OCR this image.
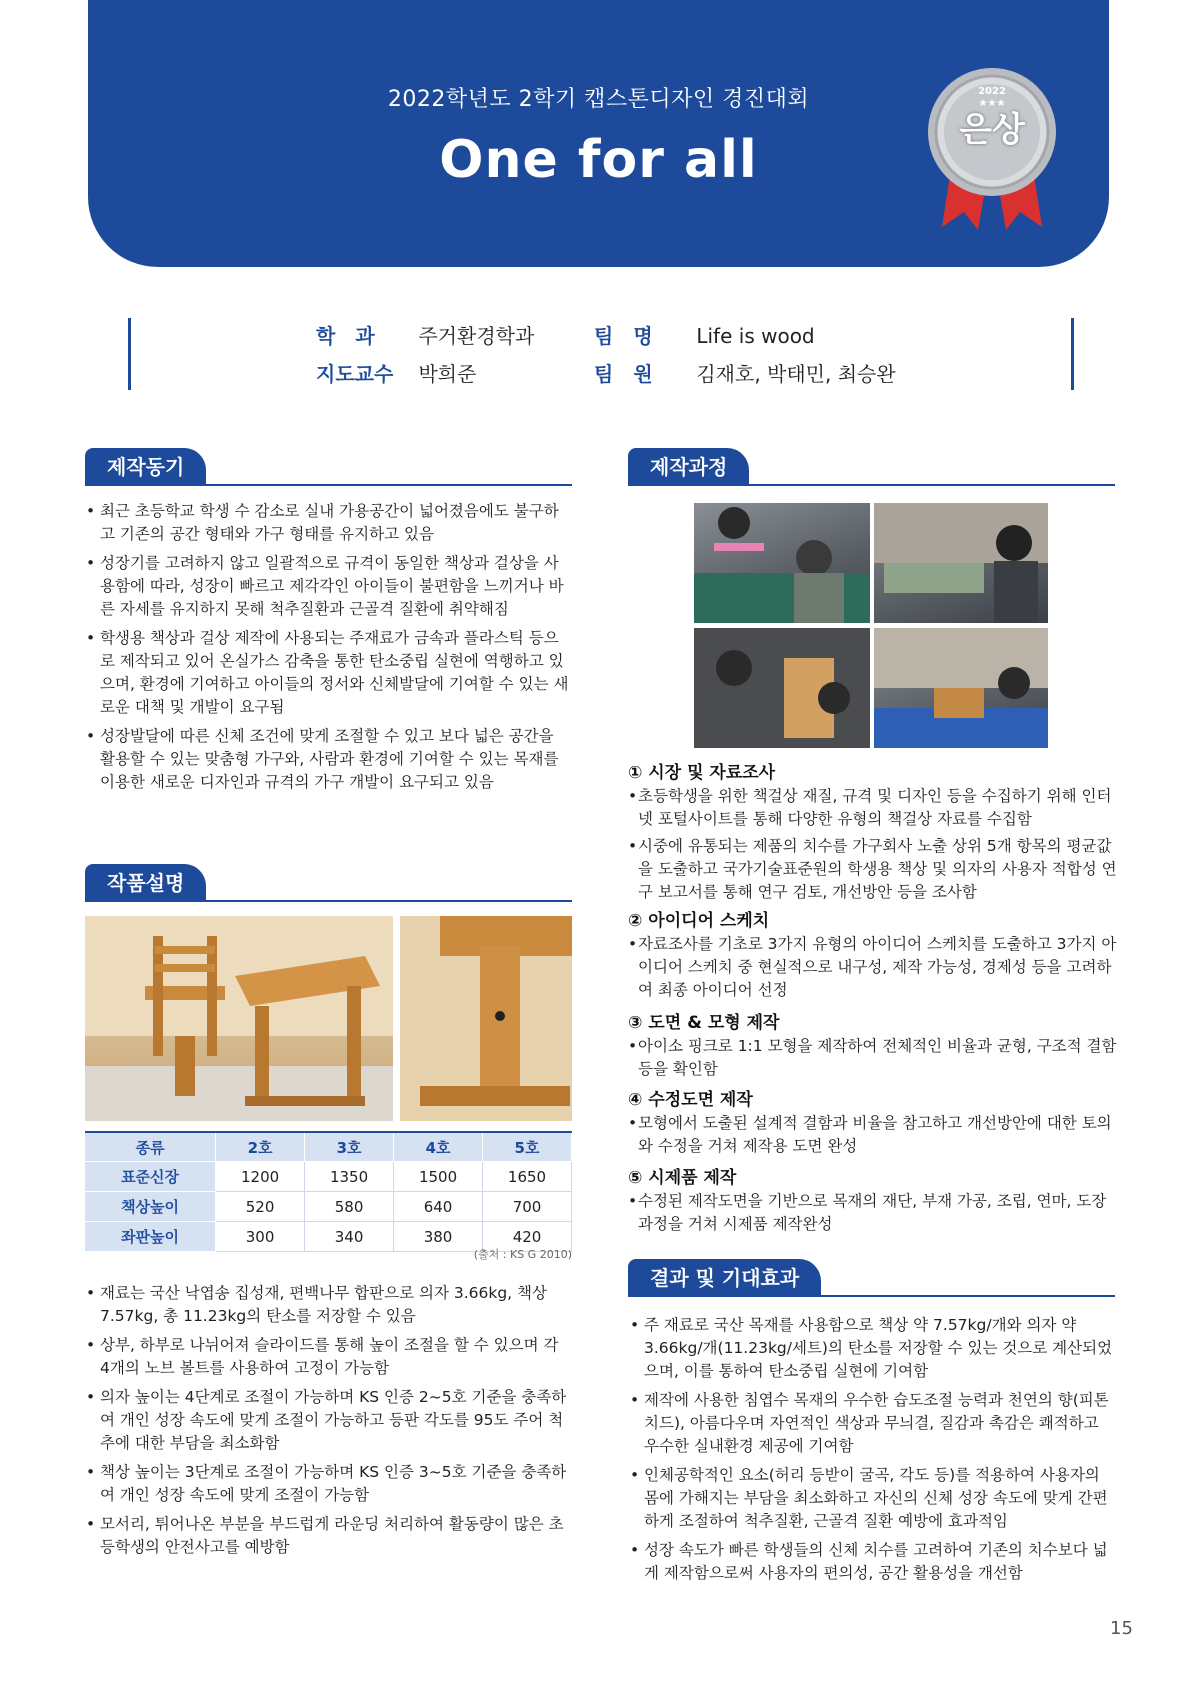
2022학년도 2학기 캡스톤디자인 경진대회
One for all
★★★
2022
은상
학　과 주거환경학과	팀　명 Life is wood
지도교수 박희준	팀　원 김재호, 박태민, 최승완
제작동기
• 최근 초등학교 학생 수 감소로 실내 가용공간이 넓어졌음에도 불구하고 기존의 공간 형태와 가구 형태를 유지하고 있음
• 성장기를 고려하지 않고 일괄적으로 규격이 동일한 책상과 걸상을 사용함에 따라, 성장이 빠르고 제각각인 아이들이 불편함을 느끼거나 바른 자세를 유지하지 못해 척추질환과 근골격 질환에 취약해짐
• 학생용 책상과 걸상 제작에 사용되는 주재료가 금속과 플라스틱 등으로 제작되고 있어 온실가스 감축을 통한 탄소중립 실현에 역행하고 있으며, 환경에 기여하고 아이들의 정서와 신체발달에 기여할 수 있는 새로운 대책 및 개발이 요구됨
• 성장발달에 따른 신체 조건에 맞게 조절할 수 있고 보다 넓은 공간을 활용할 수 있는 맞춤형 가구와, 사람과 환경에 기여할 수 있는 목재를 이용한 새로운 디자인과 규격의 가구 개발이 요구되고 있음
작품설명
종류	2호	3호	4호	5호
표준신장	1200	1350	1500	1650
책상높이	520	580	640	700
좌판높이	300	340	380	420
(출처 : KS G 2010)
• 재료는 국산 낙엽송 집성재, 편백나무 합판으로 의자 3.66kg, 책상 7.57kg, 총 11.23kg의 탄소를 저장할 수 있음
• 상부, 하부로 나뉘어져 슬라이드를 통해 높이 조절을 할 수 있으며 각 4개의 노브 볼트를 사용하여 고정이 가능함
• 의자 높이는 4단계로 조절이 가능하며 KS 인증 2~5호 기준을 충족하여 개인 성장 속도에 맞게 조절이 가능하고 등판 각도를 95도 주어 척추에 대한 부담을 최소화함
• 책상 높이는 3단계로 조절이 가능하며 KS 인증 3~5호 기준을 충족하여 개인 성장 속도에 맞게 조절이 가능함
• 모서리, 튀어나온 부분을 부드럽게 라운딩 처리하여 활동량이 많은 초등학생의 안전사고를 예방함
제작과정
① 시장 및 자료조사
• 초등학생을 위한 책걸상 재질, 규격 및 디자인 등을 수집하기 위해 인터넷 포털사이트를 통해 다양한 유형의 책걸상 자료를 수집함
• 시중에 유통되는 제품의 치수를 가구회사 노출 상위 5개 항목의 평균값을 도출하고 국가기술표준원의 학생용 책상 및 의자의 사용자 적합성 연구 보고서를 통해 연구 검토, 개선방안 등을 조사함
② 아이디어 스케치
• 자료조사를 기초로 3가지 유형의 아이디어 스케치를 도출하고 3가지 아이디어 스케치 중 현실적으로 내구성, 제작 가능성, 경제성 등을 고려하여 최종 아이디어 선정
③ 도면 & 모형 제작
• 아이소 핑크로 1:1 모형을 제작하여 전체적인 비율과 균형, 구조적 결함 등을 확인함
④ 수정도면 제작
• 모형에서 도출된 설계적 결함과 비율을 참고하고 개선방안에 대한 토의와 수정을 거쳐 제작용 도면 완성
⑤ 시제품 제작
• 수정된 제작도면을 기반으로 목재의 재단, 부재 가공, 조립, 연마, 도장 과정을 거쳐 시제품 제작완성
결과 및 기대효과
• 주 재료로 국산 목재를 사용함으로 책상 약 7.57kg/개와 의자 약 3.66kg/개(11.23kg/세트)의 탄소를 저장할 수 있는 것으로 계산되었으며, 이를 통하여 탄소중립 실현에 기여함
• 제작에 사용한 침엽수 목재의 우수한 습도조절 능력과 천연의 향(피톤치드), 아름다우며 자연적인 색상과 무늬결, 질감과 촉감은 쾌적하고 우수한 실내환경 제공에 기여함
• 인체공학적인 요소(허리 등받이 굴곡, 각도 등)를 적용하여 사용자의 몸에 가해지는 부담을 최소화하고 자신의 신체 성장 속도에 맞게 간편하게 조절하여 척추질환, 근골격 질환 예방에 효과적임
• 성장 속도가 빠른 학생들의 신체 치수를 고려하여 기존의 치수보다 넓게 제작함으로써 사용자의 편의성, 공간 활용성을 개선함
15
